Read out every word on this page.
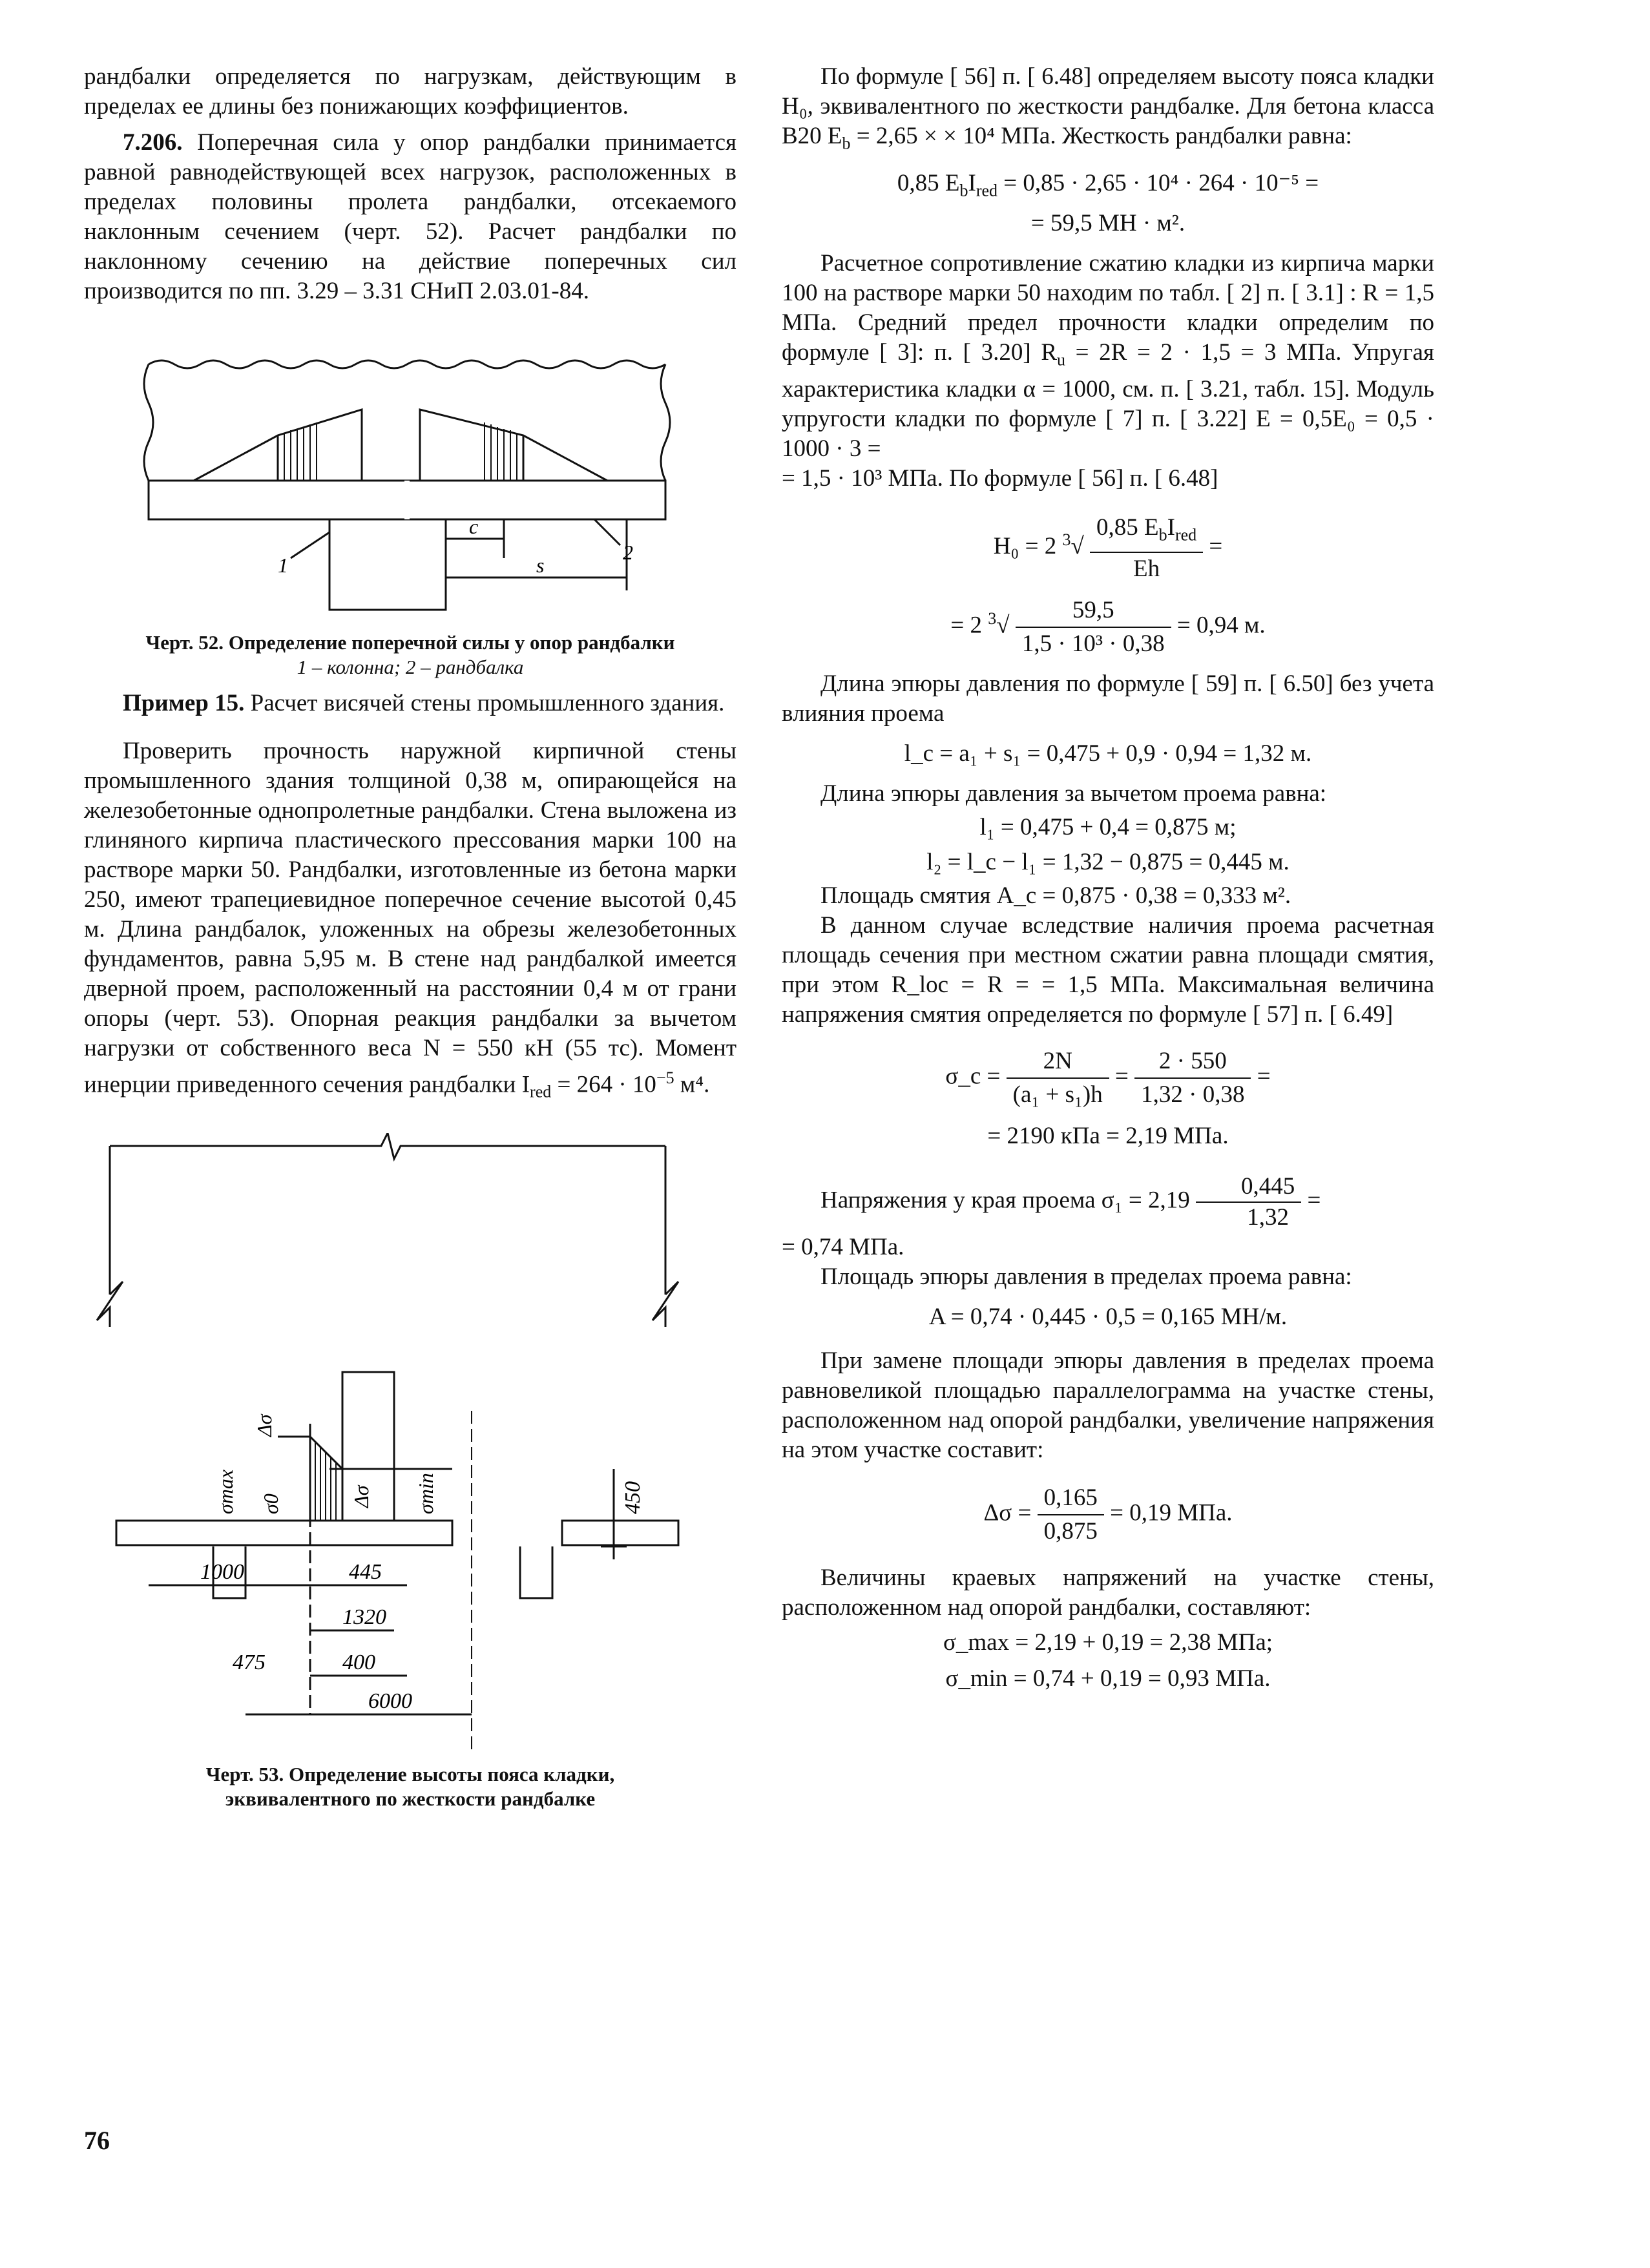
рандбалки определяется по нагрузкам, действующим в пределах ее длины без понижающих коэффициентов.

7.206. Поперечная сила у опор рандбалки принимается равной равнодействующей всех нагрузок, расположенных в пределах половины пролета рандбалки, отсекаемого наклонным сечением (черт. 52). Расчет рандбалки по наклонному сечению на действие поперечных сил производится по пп. 3.29 – 3.31 СНиП 2.03.01-84.

1
2
c
s

Черт. 52. Определение поперечной силы у опор рандбалки

1 – колонна; 2 – рандбалка

Пример 15. Расчет висячей стены промышленного здания.

Проверить прочность наружной кирпичной стены промышленного здания толщиной 0,38 м, опирающейся на железобетонные однопролетные рандбалки. Стена выложена из глиняного кирпича пластического прессования марки 100 на растворе марки 50. Рандбалки, изготовленные из бетона марки 250, имеют трапециевидное поперечное сечение высотой 0,45 м. Длина рандбалок, уложенных на обрезы железобетонных фундаментов, равна 5,95 м. В стене над рандбалкой имеется дверной проем, расположенный на расстоянии 0,4 м от грани опоры (черт. 53). Опорная реакция рандбалки за вычетом нагрузки от собственного веса N = 550 кН (55 тс). Момент инерции приведенного сечения рандбалки $I_{red} = 264 \cdot 10^{-5}$ м⁴.

1000	445
1320
475	400
6000
450
σmax σ0
Δσ
Δσ σmin

Черт. 53. Определение высоты пояса кладки,

эквивалентного по жесткости рандбалке

По формуле [ 56] п. [ 6.48] определяем высоту пояса кладки H₀, эквивалентного по жесткости рандбалке. Для бетона класса В20 $E_b = 2,65$ × × 10⁴ МПа. Жесткость рандбалки равна:

0,85 $E_bI_{red} = 0,85 \cdot 2,65 \cdot 10^4 \cdot 264 \cdot 10^{-5}$ =
= 59,5 МН · м².

Расчетное сопротивление сжатию кладки из кирпича марки 100 на растворе марки 50 находим по табл. [ 2] п. [ 3.1] : R = 1,5 МПа. Средний предел прочности кладки определим по формуле [ 3]: п. [ 3.20] $R_u = 2R = 2 \cdot 1,5 = 3$ МПа. Упругая характеристика кладки α = 1000, см. п. [ 3.21, табл. 15]. Модуль упругости кладки по формуле [ 7] п. [ 3.22] E = 0,5E₀ = 0,5 · 1000 · 3 =

= 1,5 · 10³ МПа. По формуле [ 56] п. [ 6.48]

H₀ = 2 $^3√ \frac{0,85 E_bI_{red}}{Eh}$ =
= 2 $^3√ \frac{59,5}{\text{1,5 · 10³ · 0,38}} = 0,94$ м.

Длина эпюры давления по формуле [ 59] п. [ 6.50] без учета влияния проема

l_c = a₁ + s₁ = 0,475 + 0,9 · 0,94 = 1,32 м.

Длина эпюры давления за вычетом проема равна:

l₁ = 0,475 + 0,4 = 0,875 м;
l₂ = l_c − l₁ = 1,32 − 0,875 = 0,445 м.

Площадь смятия A_c = 0,875 · 0,38 = 0,333 м².

В данном случае вследствие наличия проема расчетная площадь сечения при местном сжатии равна площади смятия, при этом R_loc = R = = 1,5 МПа. Максимальная величина напряжения смятия определяется по формуле [ 57] п. [ 6.49]

σ_c = $\frac{2N}{\text{(a₁ + s₁)h}} = \frac{2 \cdot 550}{1,32 \cdot 0,38}$ =
= 2190 кПа = 2,19 МПа.

Напряжения у края проема $\sigma_1 = 2,19 \frac{0,445}{1,32}$ =

= 0,74 МПа.

Площадь эпюры давления в пределах проема равна:

A = 0,74 · 0,445 · 0,5 = 0,165 МН/м.

При замене площади эпюры давления в пределах проема равновеликой площадью параллелограмма на участке стены, расположенном над опорой рандбалки, увеличение напряжения на этом участке составит:

$\Delta\sigma = \frac{0,165}{0,875} = 0,19$ МПа.

Величины краевых напряжений на участке стены, расположенном над опорой рандбалки, составляют:

σ_max = 2,19 + 0,19 = 2,38 МПа;
σ_min = 0,74 + 0,19 = 0,93 МПа.
76
